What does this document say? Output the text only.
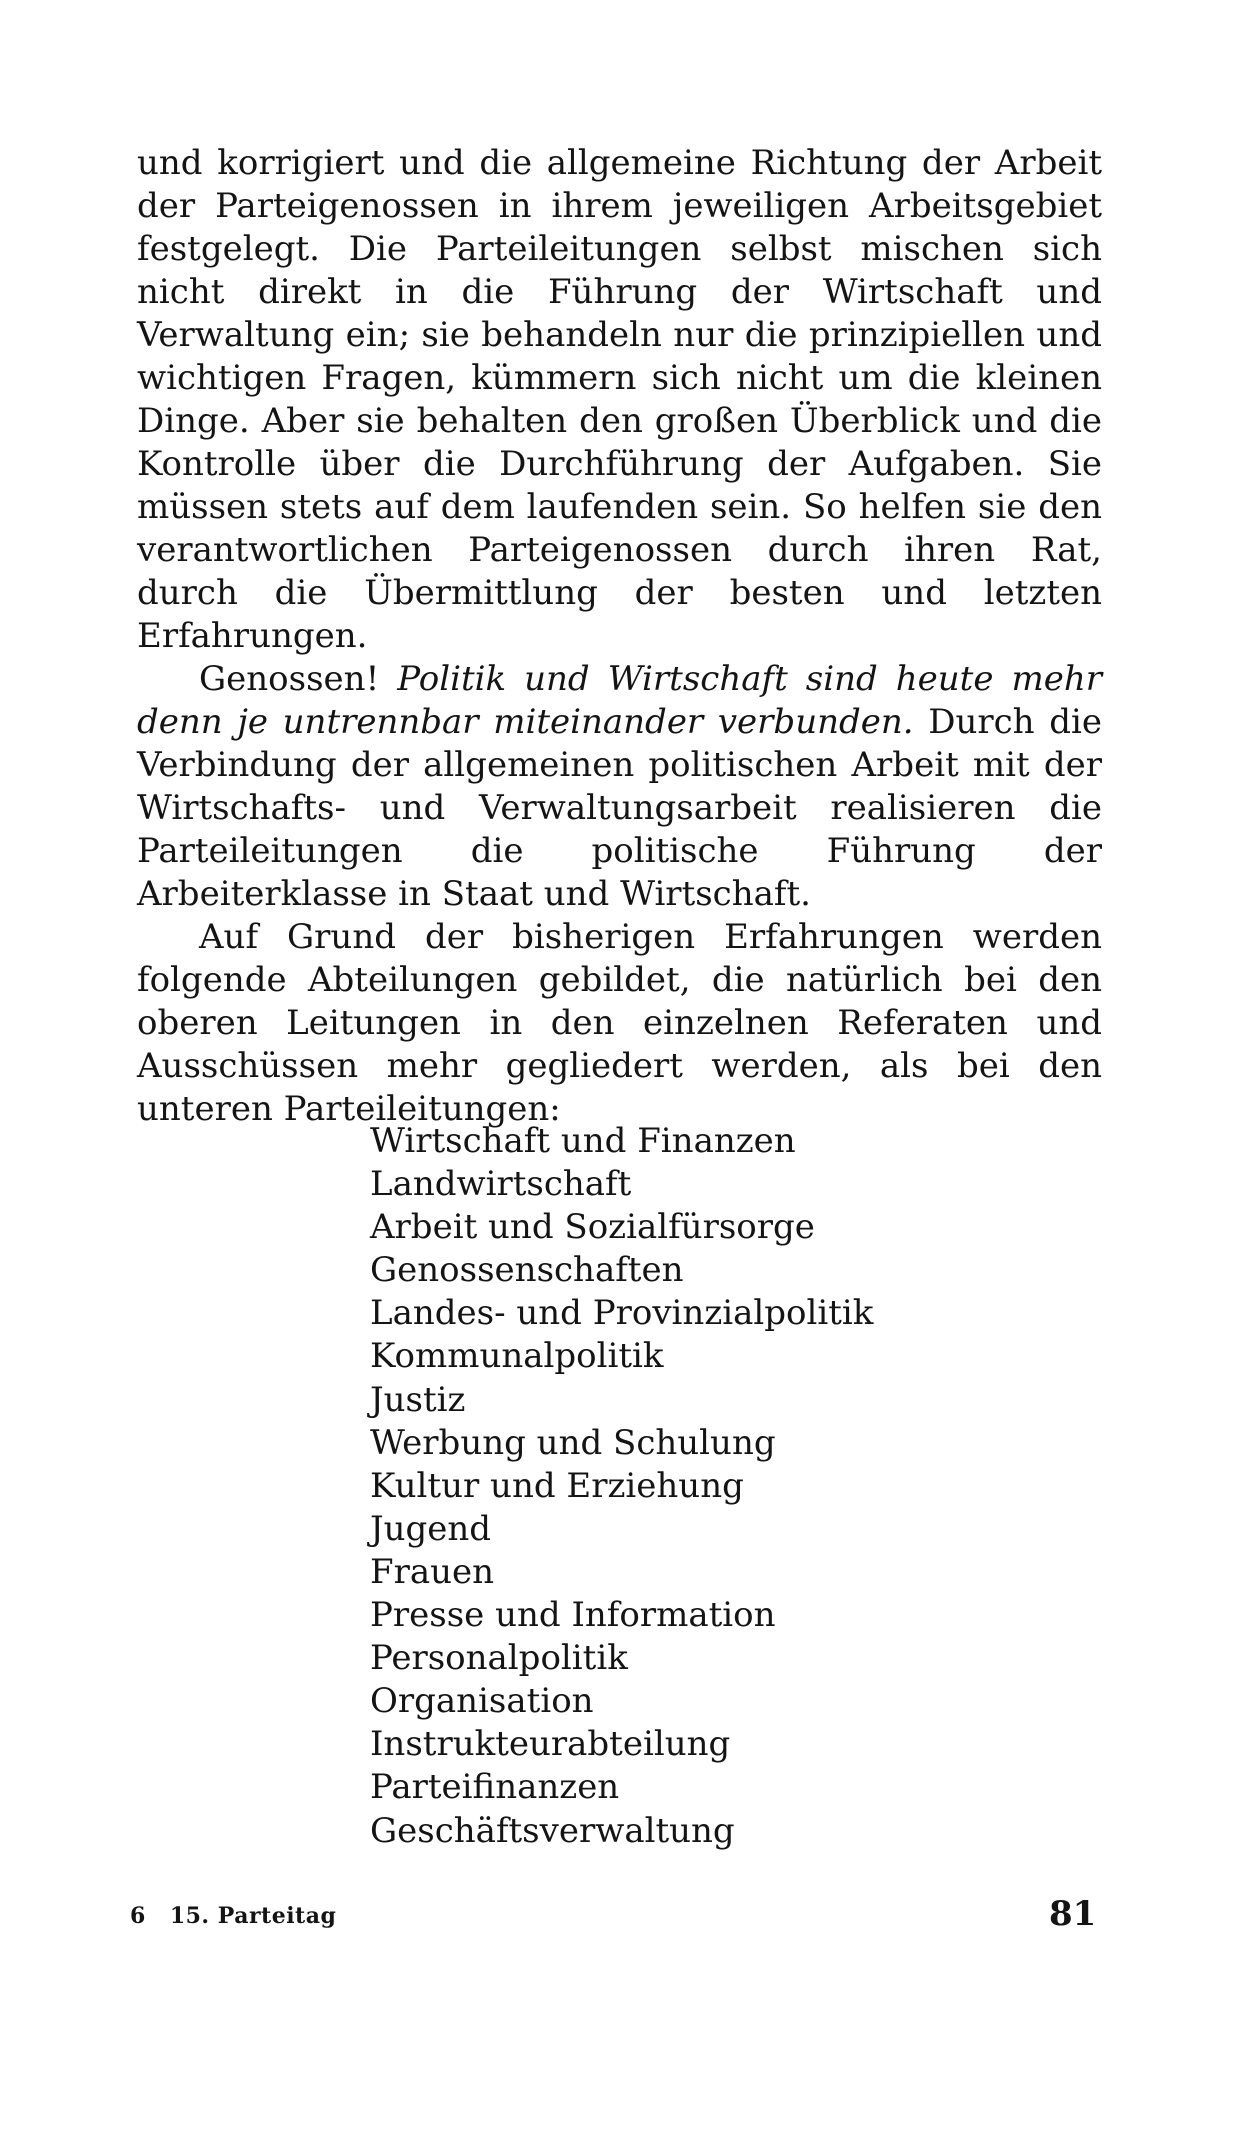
und korrigiert und die allgemeine Richtung der Arbeit der Parteigenossen in ihrem jeweiligen Arbeitsgebiet festgelegt. Die Parteileitungen selbst mischen sich nicht direkt in die Führung der Wirtschaft und Verwaltung ein; sie behandeln nur die prinzipiellen und wichtigen Fragen, kümmern sich nicht um die kleinen Dinge. Aber sie behalten den großen Überblick und die Kontrolle über die Durchführung der Aufgaben. Sie müssen stets auf dem laufenden sein. So helfen sie den verantwortlichen Parteigenossen durch ihren Rat, durch die Übermittlung der besten und letzten Erfahrungen.

Genossen! Politik und Wirtschaft sind heute mehr denn je untrennbar miteinander verbunden. Durch die Verbindung der allgemeinen politischen Arbeit mit der Wirtschafts- und Verwaltungsarbeit realisieren die Parteileitungen die politische Führung der Arbeiterklasse in Staat und Wirtschaft.

Auf Grund der bisherigen Erfahrungen werden folgende Abteilungen gebildet, die natürlich bei den oberen Leitungen in den einzelnen Referaten und Ausschüssen mehr gegliedert werden, als bei den unteren Parteileitungen:

Wirtschaft und Finanzen
Landwirtschaft
Arbeit und Sozialfürsorge
Genossenschaften
Landes- und Provinzialpolitik
Kommunalpolitik
Justiz
Werbung und Schulung
Kultur und Erziehung
Jugend
Frauen
Presse und Information
Personalpolitik
Organisation
Instrukteurabteilung
Parteifinanzen
Geschäftsverwaltung
6 15. Parteitag	81
